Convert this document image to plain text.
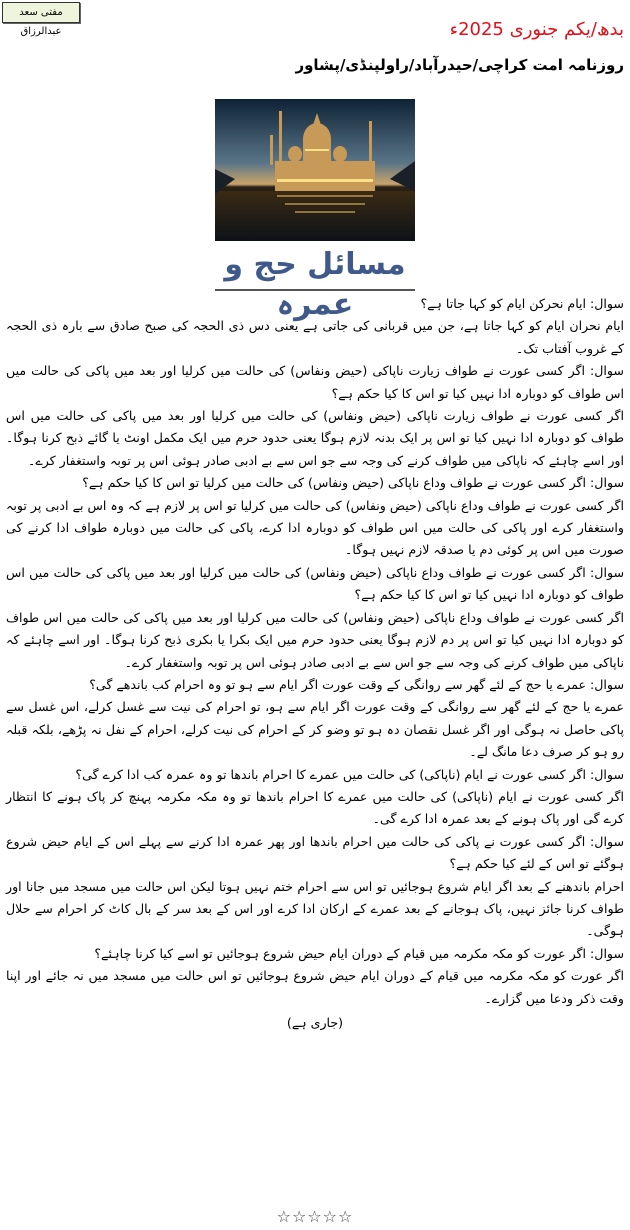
مفتی سعد عبدالرزاق	بدھ/یکم جنوری 2025ء
روزنامہ امت کراچی/حیدرآباد/راولپنڈی/پشاور
مسائل حج و عمرہ	سوال: ایام نحرکن ایام کو کہا جاتا ہے؟

ایام نحران ایام کو کہا جاتا ہے، جن میں قربانی کی جاتی ہے یعنی دس ذی الحجہ کی صبح صادق سے بارہ ذی الحجہ کے غروب آفتاب تک۔

سوال: اگر کسی عورت نے طواف زیارت ناپاکی (حیض ونفاس) کی حالت میں کرلیا اور بعد میں پاکی کی حالت میں اس طواف کو دوبارہ ادا نہیں کیا تو اس کا کیا حکم ہے؟

اگر کسی عورت نے طواف زیارت ناپاکی (حیض ونفاس) کی حالت میں کرلیا اور بعد میں پاکی کی حالت میں اس طواف کو دوبارہ ادا نہیں کیا تو اس پر ایک بدنہ لازم ہوگا یعنی حدود حرم میں ایک مکمل اونٹ یا گائے ذبح کرنا ہوگا۔ اور اسے چاہئے کہ ناپاکی میں طواف کرنے کی وجہ سے جو اس سے بے ادبی صادر ہوئی اس پر توبہ واستغفار کرے۔

سوال: اگر کسی عورت نے طواف وداع ناپاکی (حیض ونفاس) کی حالت میں کرلیا تو اس کا کیا حکم ہے؟

اگر کسی عورت نے طواف وداع ناپاکی (حیض ونفاس) کی حالت میں کرلیا تو اس پر لازم ہے کہ وہ اس بے ادبی پر توبہ واستغفار کرے اور پاکی کی حالت میں اس طواف کو دوبارہ ادا کرے، پاکی کی حالت میں دوبارہ طواف ادا کرنے کی صورت میں اس پر کوئی دم یا صدقہ لازم نہیں ہوگا۔

سوال: اگر کسی عورت نے طواف وداع ناپاکی (حیض ونفاس) کی حالت میں کرلیا اور بعد میں پاکی کی حالت میں اس طواف کو دوبارہ ادا نہیں کیا تو اس کا کیا حکم ہے؟

اگر کسی عورت نے طواف وداع ناپاکی (حیض ونفاس) کی حالت میں کرلیا اور بعد میں پاکی کی حالت میں اس طواف کو دوبارہ ادا نہیں کیا تو اس پر دم لازم ہوگا یعنی حدود حرم میں ایک بکرا یا بکری ذبح کرنا ہوگا۔ اور اسے چاہئے کہ ناپاکی میں طواف کرنے کی وجہ سے جو اس سے بے ادبی صادر ہوئی اس پر توبہ واستغفار کرے۔

سوال: عمرے یا حج کے لئے گھر سے روانگی کے وقت عورت اگر ایام سے ہو تو وہ احرام کب باندھے گی؟

عمرے یا حج کے لئے گھر سے روانگی کے وقت عورت اگر ایام سے ہو، تو احرام کی نیت سے غسل کرلے، اس غسل سے پاکی حاصل نہ ہوگی اور اگر غسل نقصان دہ ہو تو وضو کر کے احرام کی نیت کرلے، احرام کے نفل نہ پڑھے، بلکہ قبلہ رو ہو کر صرف دعا مانگ لے۔

سوال: اگر کسی عورت نے ایام (ناپاکی) کی حالت میں عمرے کا احرام باندھا تو وہ عمرہ کب ادا کرے گی؟

اگر کسی عورت نے ایام (ناپاکی) کی حالت میں عمرے کا احرام باندھا تو وہ مکہ مکرمہ پہنچ کر پاک ہونے کا انتظار کرے گی اور پاک ہونے کے بعد عمرہ ادا کرے گی۔

سوال: اگر کسی عورت نے پاکی کی حالت میں احرام باندھا اور پھر عمرہ ادا کرنے سے پہلے اس کے ایام حیض شروع ہوگئے تو اس کے لئے کیا حکم ہے؟

احرام باندھنے کے بعد اگر ایام شروع ہوجائیں تو اس سے احرام ختم نہیں ہوتا لیکن اس حالت میں مسجد میں جانا اور طواف کرنا جائز نہیں، پاک ہوجانے کے بعد عمرے کے ارکان ادا کرے اور اس کے بعد سر کے بال کاٹ کر احرام سے حلال ہوگی۔

سوال: اگر عورت کو مکہ مکرمہ میں قیام کے دوران ایام حیض شروع ہوجائیں تو اسے کیا کرنا چاہئے؟

اگر عورت کو مکہ مکرمہ میں قیام کے دوران ایام حیض شروع ہوجائیں تو اس حالت میں مسجد میں نہ جائے اور اپنا وقت ذکر ودعا میں گزارے۔

(جاری ہے)

☆☆☆☆☆
